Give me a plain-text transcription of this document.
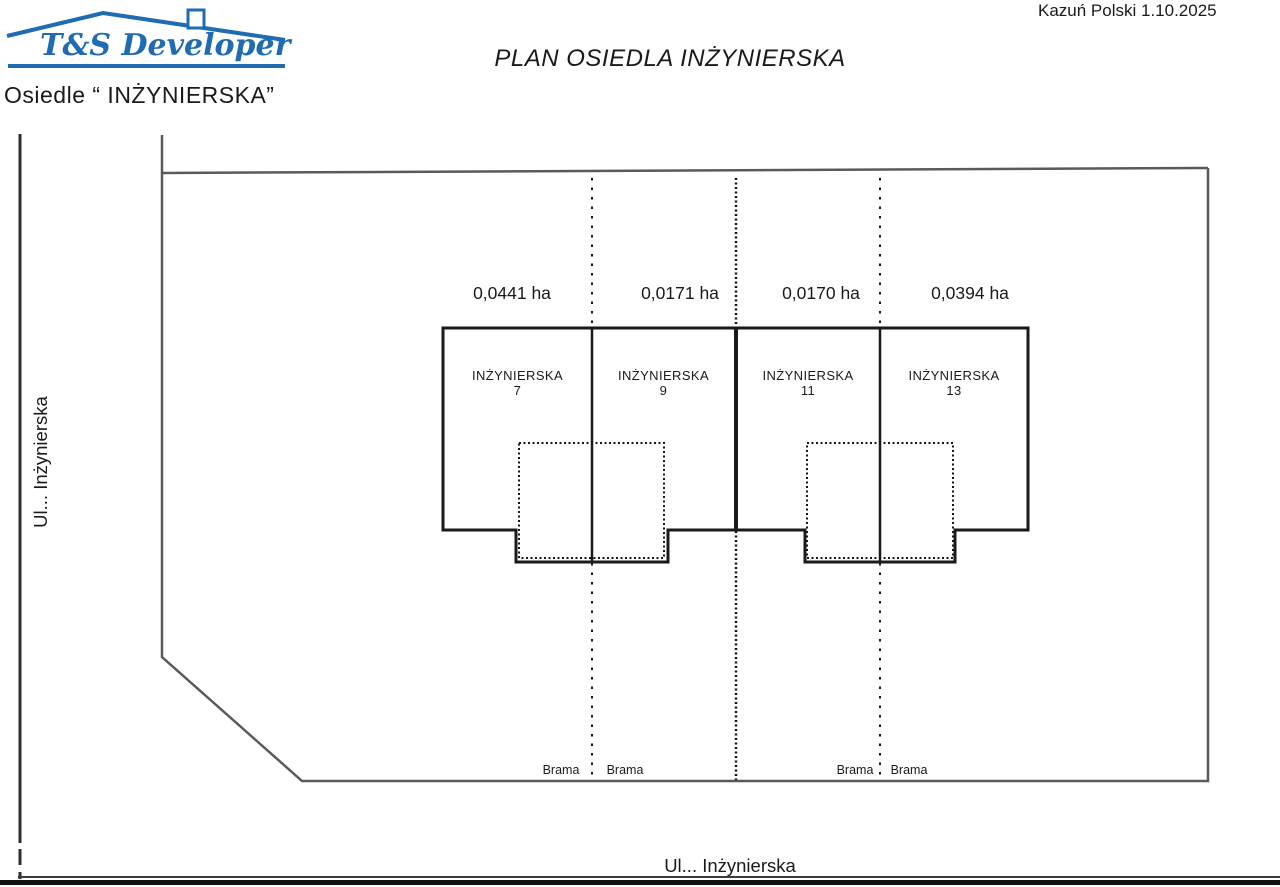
T&S Developer
Osiedle “ INŻYNIERSKA”
PLAN OSIEDLA INŻYNIERSKA
Kazuń Polski 1.10.2025
0,0441 ha	0,0171 ha	0,0170 ha	0,0394 ha
INŻYNIERSKA
7
INŻYNIERSKA
9
INŻYNIERSKA
11
INŻYNIERSKA
13
Brama	Brama	Brama	Brama
Ul... Inżynierska
Ul... Inżynierska
